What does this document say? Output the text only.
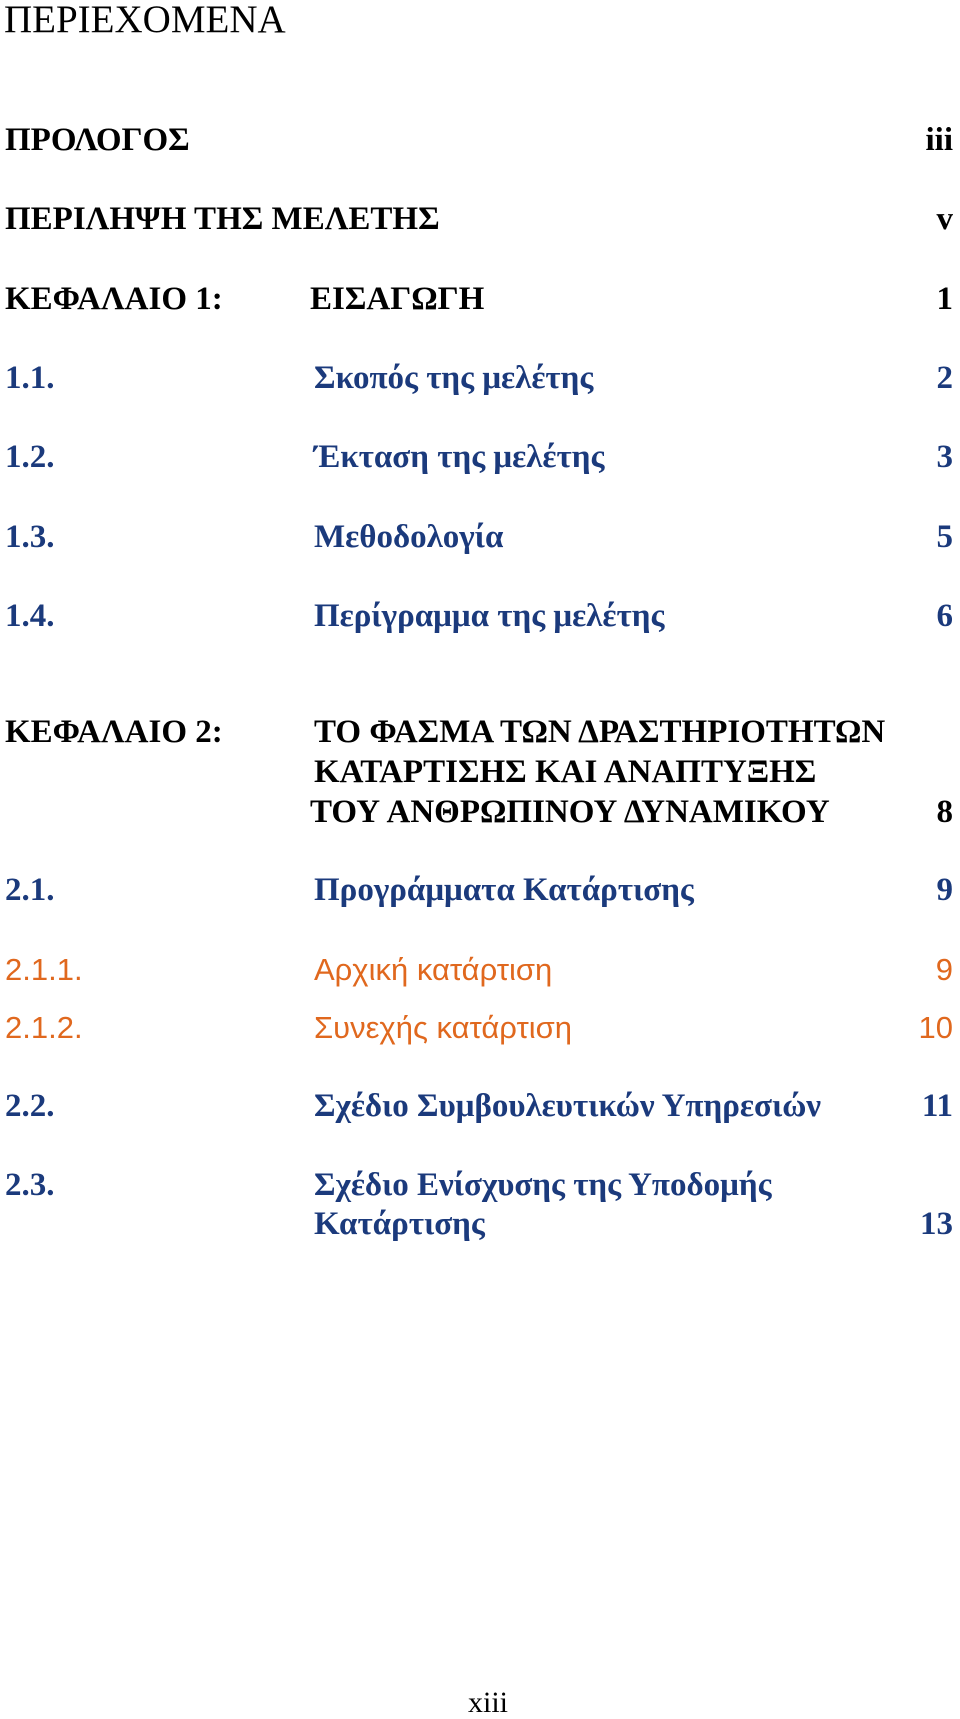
ΠΕΡΙΕΧΟΜΕΝΑ
ΠΡΟΛΟΓΟΣ	iii
ΠΕΡΙΛΗΨΗ ΤΗΣ ΜΕΛΕΤΗΣ	v
ΚΕΦΑΛΑΙΟ 1:	ΕΙΣΑΓΩΓΗ	1
1.1.	Σκοπός της μελέτης	2
1.2.	Έκταση της μελέτης	3
1.3.	Μεθοδολογία	5
1.4.	Περίγραμμα της μελέτης	6
ΚΕΦΑΛΑΙΟ 2:	ΤΟ ΦΑΣΜΑ ΤΩΝ ΔΡΑΣΤΗΡΙΟΤΗΤΩΝ
ΚΑΤΑΡΤΙΣΗΣ ΚΑΙ ΑΝΑΠΤΥΞΗΣ
ΤΟΥ ΑΝΘΡΩΠΙΝΟΥ ΔΥΝΑΜΙΚΟΥ	8
2.1.	Προγράμματα Κατάρτισης	9
2.1.1.	Αρχική κατάρτιση	9
2.1.2.	Συνεχής κατάρτιση	10
2.2.	Σχέδιο Συμβουλευτικών Υπηρεσιών	11
2.3.	Σχέδιο Ενίσχυσης της Υποδομής
Κατάρτισης	13
xiii
